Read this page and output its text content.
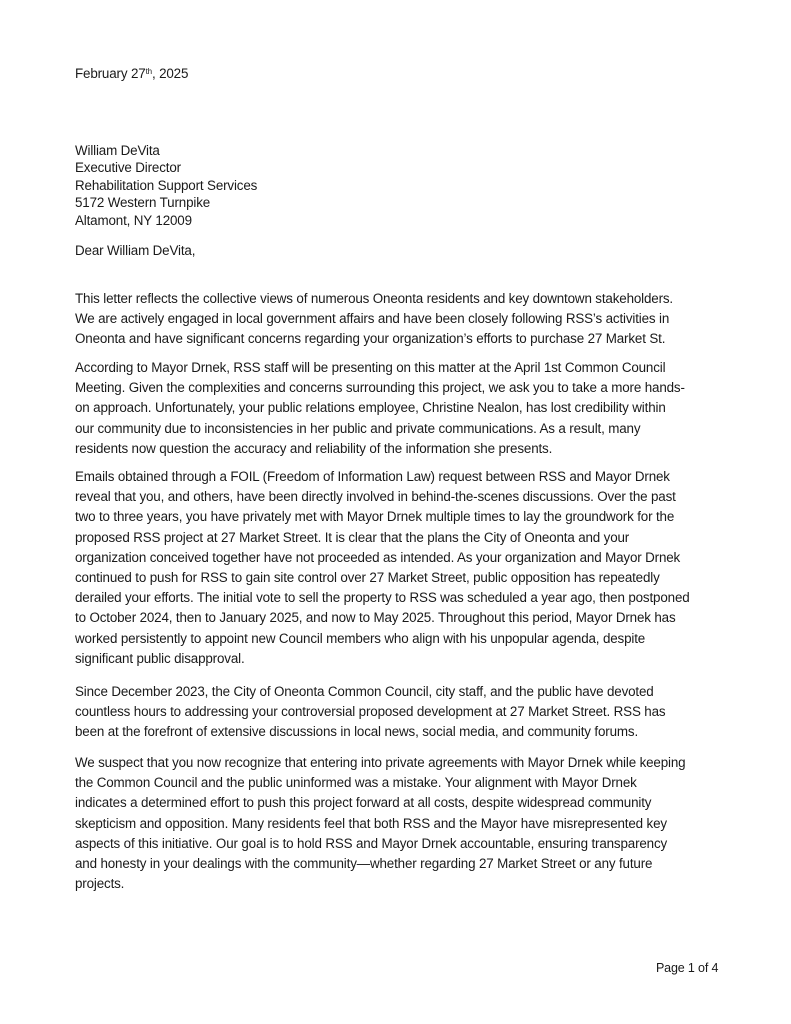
February 27th, 2025
William DeVita
Executive Director
Rehabilitation Support Services
5172 Western Turnpike
Altamont, NY 12009
Dear William DeVita,
This letter reflects the collective views of numerous Oneonta residents and key downtown stakeholders.
We are actively engaged in local government affairs and have been closely following RSS’s activities in
Oneonta and have significant concerns regarding your organization’s efforts to purchase 27 Market St.
According to Mayor Drnek, RSS staff will be presenting on this matter at the April 1st Common Council
Meeting. Given the complexities and concerns surrounding this project, we ask you to take a more hands-
on approach. Unfortunately, your public relations employee, Christine Nealon, has lost credibility within
our community due to inconsistencies in her public and private communications. As a result, many
residents now question the accuracy and reliability of the information she presents.
Emails obtained through a FOIL (Freedom of Information Law) request between RSS and Mayor Drnek
reveal that you, and others, have been directly involved in behind-the-scenes discussions. Over the past
two to three years, you have privately met with Mayor Drnek multiple times to lay the groundwork for the
proposed RSS project at 27 Market Street. It is clear that the plans the City of Oneonta and your
organization conceived together have not proceeded as intended. As your organization and Mayor Drnek
continued to push for RSS to gain site control over 27 Market Street, public opposition has repeatedly
derailed your efforts. The initial vote to sell the property to RSS was scheduled a year ago, then postponed
to October 2024, then to January 2025, and now to May 2025. Throughout this period, Mayor Drnek has
worked persistently to appoint new Council members who align with his unpopular agenda, despite
significant public disapproval.
Since December 2023, the City of Oneonta Common Council, city staff, and the public have devoted
countless hours to addressing your controversial proposed development at 27 Market Street. RSS has
been at the forefront of extensive discussions in local news, social media, and community forums.
We suspect that you now recognize that entering into private agreements with Mayor Drnek while keeping
the Common Council and the public uninformed was a mistake. Your alignment with Mayor Drnek
indicates a determined effort to push this project forward at all costs, despite widespread community
skepticism and opposition. Many residents feel that both RSS and the Mayor have misrepresented key
aspects of this initiative. Our goal is to hold RSS and Mayor Drnek accountable, ensuring transparency
and honesty in your dealings with the community—whether regarding 27 Market Street or any future
projects.
Page 1 of 4
